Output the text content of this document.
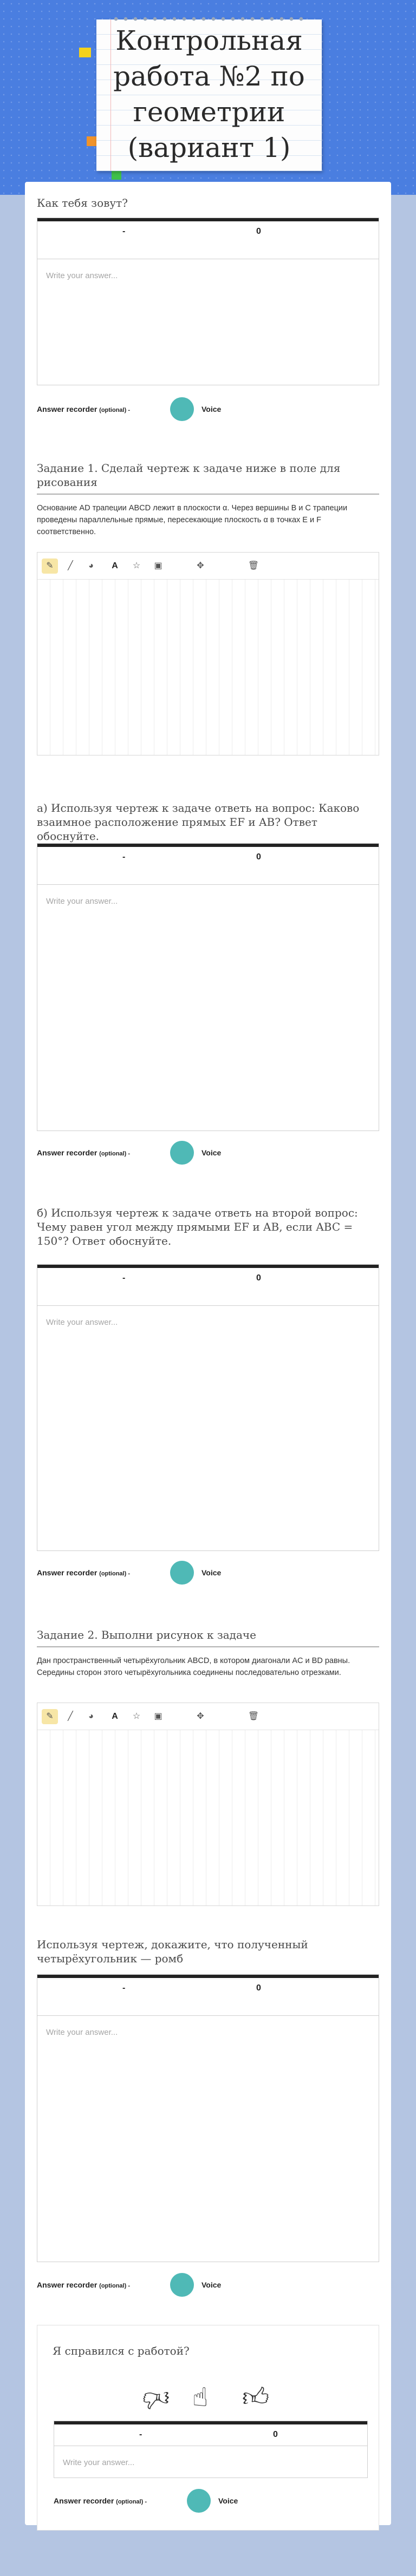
Контрольная работа №2 по геометрии (вариант 1)
Как тебя зовут?
-	0
Write your answer...
Answer recorder (optional) -	Voice
Задание 1. Сделай чертеж к задаче ниже в поле для рисования
Основание AD трапеции ABCD лежит в плоскости α. Через вершины В и С трапеции проведены параллельные прямые, пересекающие плоскость α в точках E и F соответственно.
✎	╱	◕	A	☆	▣	✥	🗑
а) Используя чертеж к задаче ответь на вопрос: Каково взаимное расположение прямых EF и AB? Ответ обоснуйте.
-	0
Write your answer...
Answer recorder (optional) -	Voice
б) Используя чертеж к задаче ответь на второй вопрос: Чему равен угол между прямыми EF и AB, если ABC = 150°? Ответ обоснуйте.
-	0
Write your answer...
Answer recorder (optional) -	Voice
Задание 2. Выполни рисунок к задаче
Дан пространственный четырёхугольник ABCD, в котором диагонали AC и BD равны. Середины сторон этого четырёхугольника соединены последовательно отрезками.
✎	╱	◕	A	☆	▣	✥	🗑
Используя чертеж, докажите, что полученный четырёхугольник — ромб
-	0
Write your answer...
Answer recorder (optional) -	Voice
Я справился с работой?
👍︎ ☝︎ 👍︎
-	0
Write your answer...
Answer recorder (optional) -	Voice
